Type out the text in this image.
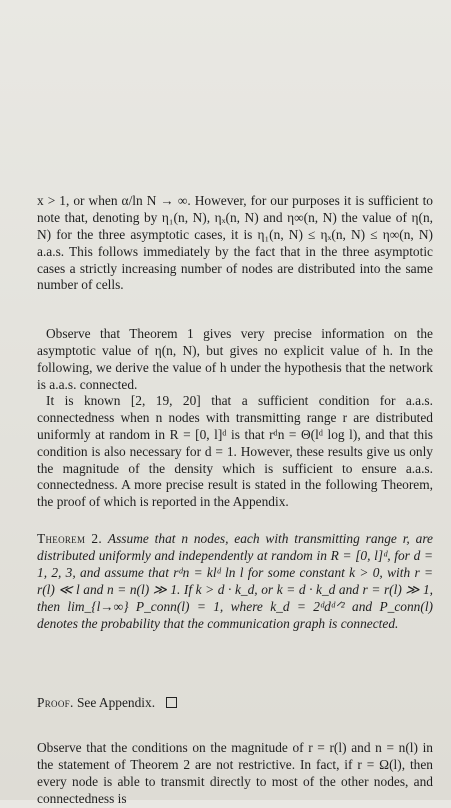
x > 1, or when α/ln N → ∞. However, for our purposes it is sufficient to note that, denoting by η₁(n, N), ηₓ(n, N) and η∞(n, N) the value of η(n, N) for the three asymptotic cases, it is η₁(n, N) ≤ ηₓ(n, N) ≤ η∞(n, N) a.a.s. This follows immediately by the fact that in the three asymptotic cases a strictly increasing number of nodes are distributed into the same number of cells.

Observe that Theorem 1 gives very precise information on the asymptotic value of η(n, N), but gives no explicit value of h. In the following, we derive the value of h under the hypothesis that the network is a.a.s. connected.

It is known [2, 19, 20] that a sufficient condition for a.a.s. connectedness when n nodes with transmitting range r are distributed uniformly at random in R = [0, l]ᵈ is that rᵈn = Θ(lᵈ log l), and that this condition is also necessary for d = 1. However, these results give us only the magnitude of the density which is sufficient to ensure a.a.s. connectedness. A more precise result is stated in the following Theorem, the proof of which is reported in the Appendix.

Theorem 2. Assume that n nodes, each with transmitting range r, are distributed uniformly and independently at random in R = [0, l]ᵈ, for d = 1, 2, 3, and assume that rᵈn = klᵈ ln l for some constant k > 0, with r = r(l) ≪ l and n = n(l) ≫ 1. If k > d · k_d, or k = d · k_d and r = r(l) ≫ 1, then lim_{l→∞} P_conn(l) = 1, where k_d = 2ᵈdᵈᐟ² and P_conn(l) denotes the probability that the communication graph is connected.
Proof. See Appendix.

Observe that the conditions on the magnitude of r = r(l) and n = n(l) in the statement of Theorem 2 are not restrictive. In fact, if r = Ω(l), then every node is able to transmit directly to most of the other nodes, and connectedness is
